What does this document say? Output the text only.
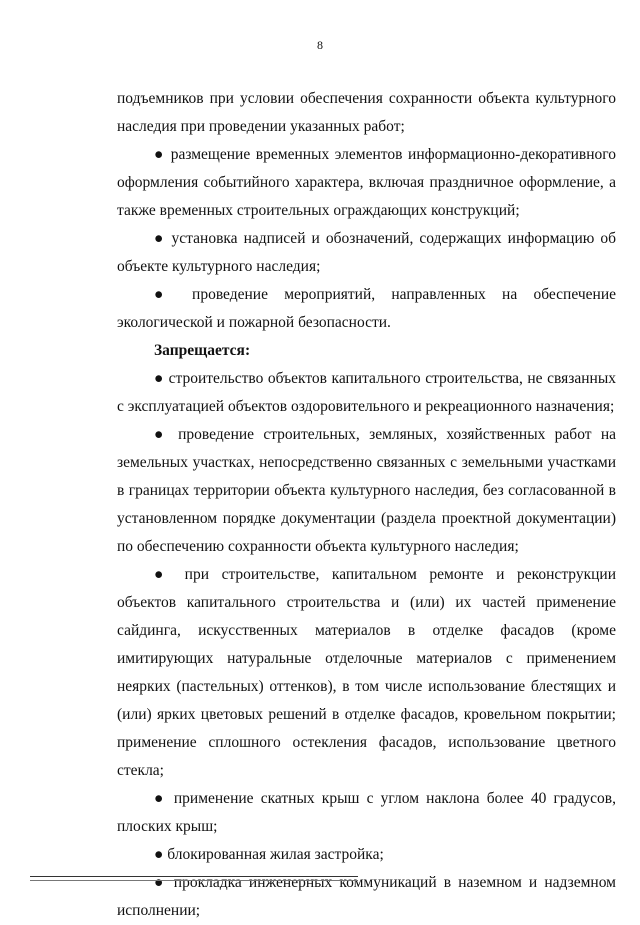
8

подъемников при условии обеспечения сохранности объекта культурного наследия при проведении указанных работ;

● размещение временных элементов информационно-декоративного оформления событийного характера, включая праздничное оформление, а также временных строительных ограждающих конструкций;

● установка надписей и обозначений, содержащих информацию об объекте культурного наследия;

● проведение мероприятий, направленных на обеспечение экологической и пожарной безопасности.

Запрещается:

● строительство объектов капитального строительства, не связанных с эксплуатацией объектов оздоровительного и рекреационного назначения;

● проведение строительных, земляных, хозяйственных работ на земельных участках, непосредственно связанных с земельными участками в границах территории объекта культурного наследия, без согласованной в установленном порядке документации (раздела проектной документации) по обеспечению сохранности объекта культурного наследия;

● при строительстве, капитальном ремонте и реконструкции объектов капитального строительства и (или) их частей применение сайдинга, искусственных материалов в отделке фасадов (кроме имитирующих натуральные отделочные материалов с применением неярких (пастельных) оттенков), в том числе использование блестящих и (или) ярких цветовых решений в отделке фасадов, кровельном покрытии; применение сплошного остекления фасадов, использование цветного стекла;

● применение скатных крыш с углом наклона более 40 градусов, плоских крыш;

● блокированная жилая застройка;

● прокладка инженерных коммуникаций в наземном и надземном исполнении;
